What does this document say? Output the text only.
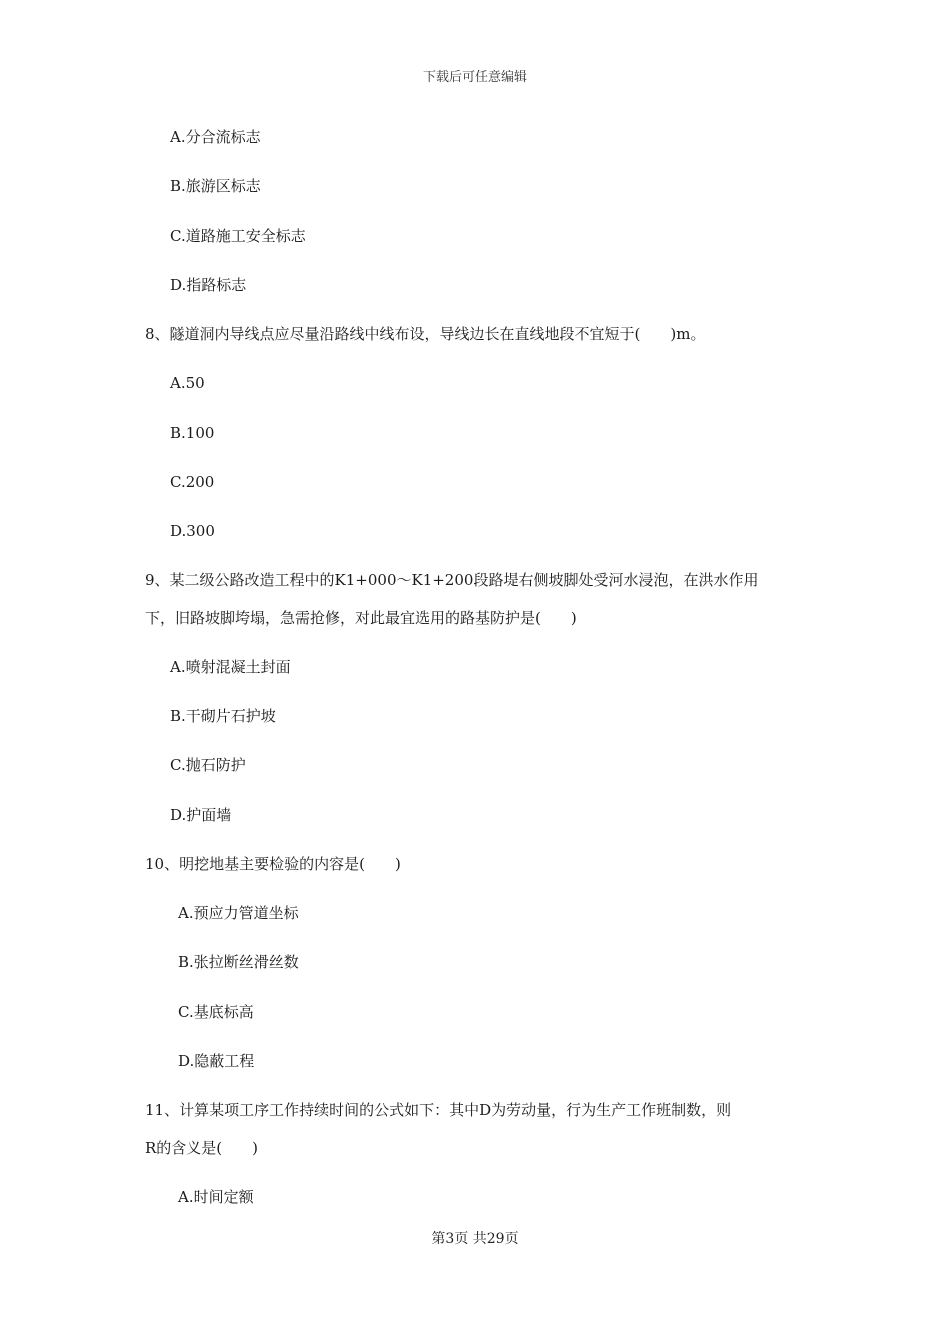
下载后可任意编辑
A.分合流标志
B.旅游区标志
C.道路施工安全标志
D.指路标志
8、隧道洞内导线点应尽量沿路线中线布设，导线边长在直线地段不宜短于(　　)m。
A.50
B.100
C.200
D.300
9、某二级公路改造工程中的K1+000～K1+200段路堤右侧坡脚处受河水浸泡，在洪水作用
下，旧路坡脚垮塌，急需抢修，对此最宜选用的路基防护是(　　)
A.喷射混凝土封面
B.干砌片石护坡
C.抛石防护
D.护面墙
10、明挖地基主要检验的内容是(　　)
A.预应力管道坐标
B.张拉断丝滑丝数
C.基底标高
D.隐蔽工程
11、计算某项工序工作持续时间的公式如下：其中D为劳动量，行为生产工作班制数，则
R的含义是(　　)
A.时间定额
第3页 共29页
